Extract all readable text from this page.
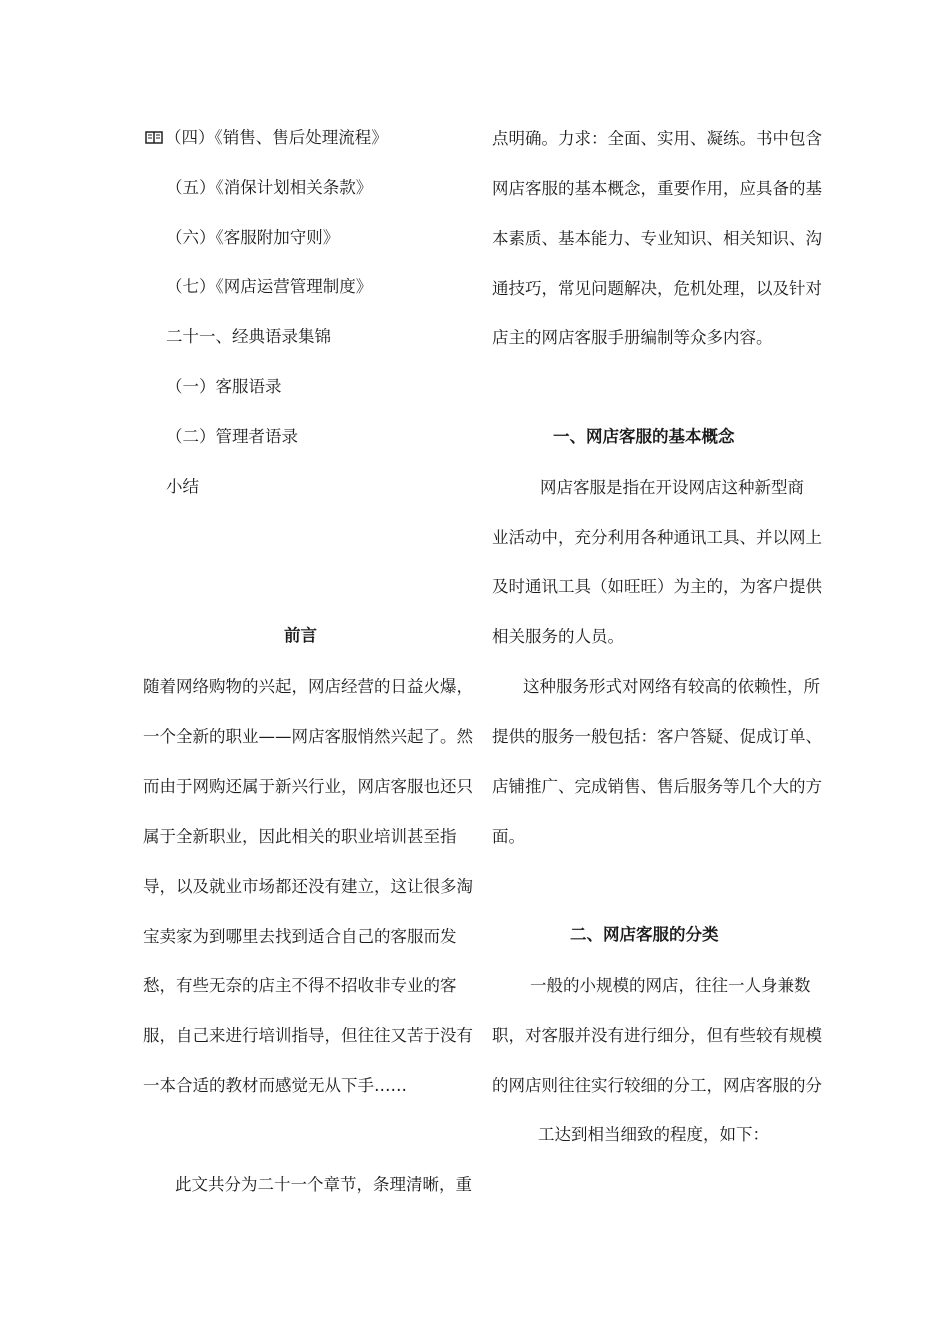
（四）《销售、售后处理流程》
（五）《消保计划相关条款》
（六）《客服附加守则》
（七）《网店运营管理制度》
二十一、经典语录集锦
（一）客服语录
（二）管理者语录
小结
前言
随着网络购物的兴起，网店经营的日益火爆，
一个全新的职业——网店客服悄然兴起了。然
而由于网购还属于新兴行业，网店客服也还只
属于全新职业，因此相关的职业培训甚至指
导，以及就业市场都还没有建立，这让很多淘
宝卖家为到哪里去找到适合自己的客服而发
愁，有些无奈的店主不得不招收非专业的客
服，自己来进行培训指导，但往往又苦于没有
一本合适的教材而感觉无从下手……
此文共分为二十一个章节，条理清晰，重
点明确。力求：全面、实用、凝练。书中包含
网店客服的基本概念，重要作用，应具备的基
本素质、基本能力、专业知识、相关知识、沟
通技巧，常见问题解决，危机处理，以及针对
店主的网店客服手册编制等众多内容。
一、网店客服的基本概念
网店客服是指在开设网店这种新型商
业活动中，充分利用各种通讯工具、并以网上
及时通讯工具（如旺旺）为主的，为客户提供
相关服务的人员。
这种服务形式对网络有较高的依赖性，所
提供的服务一般包括：客户答疑、促成订单、
店铺推广、完成销售、售后服务等几个大的方
面。
二、网店客服的分类
一般的小规模的网店，往往一人身兼数
职，对客服并没有进行细分，但有些较有规模
的网店则往往实行较细的分工，网店客服的分
工达到相当细致的程度，如下：
